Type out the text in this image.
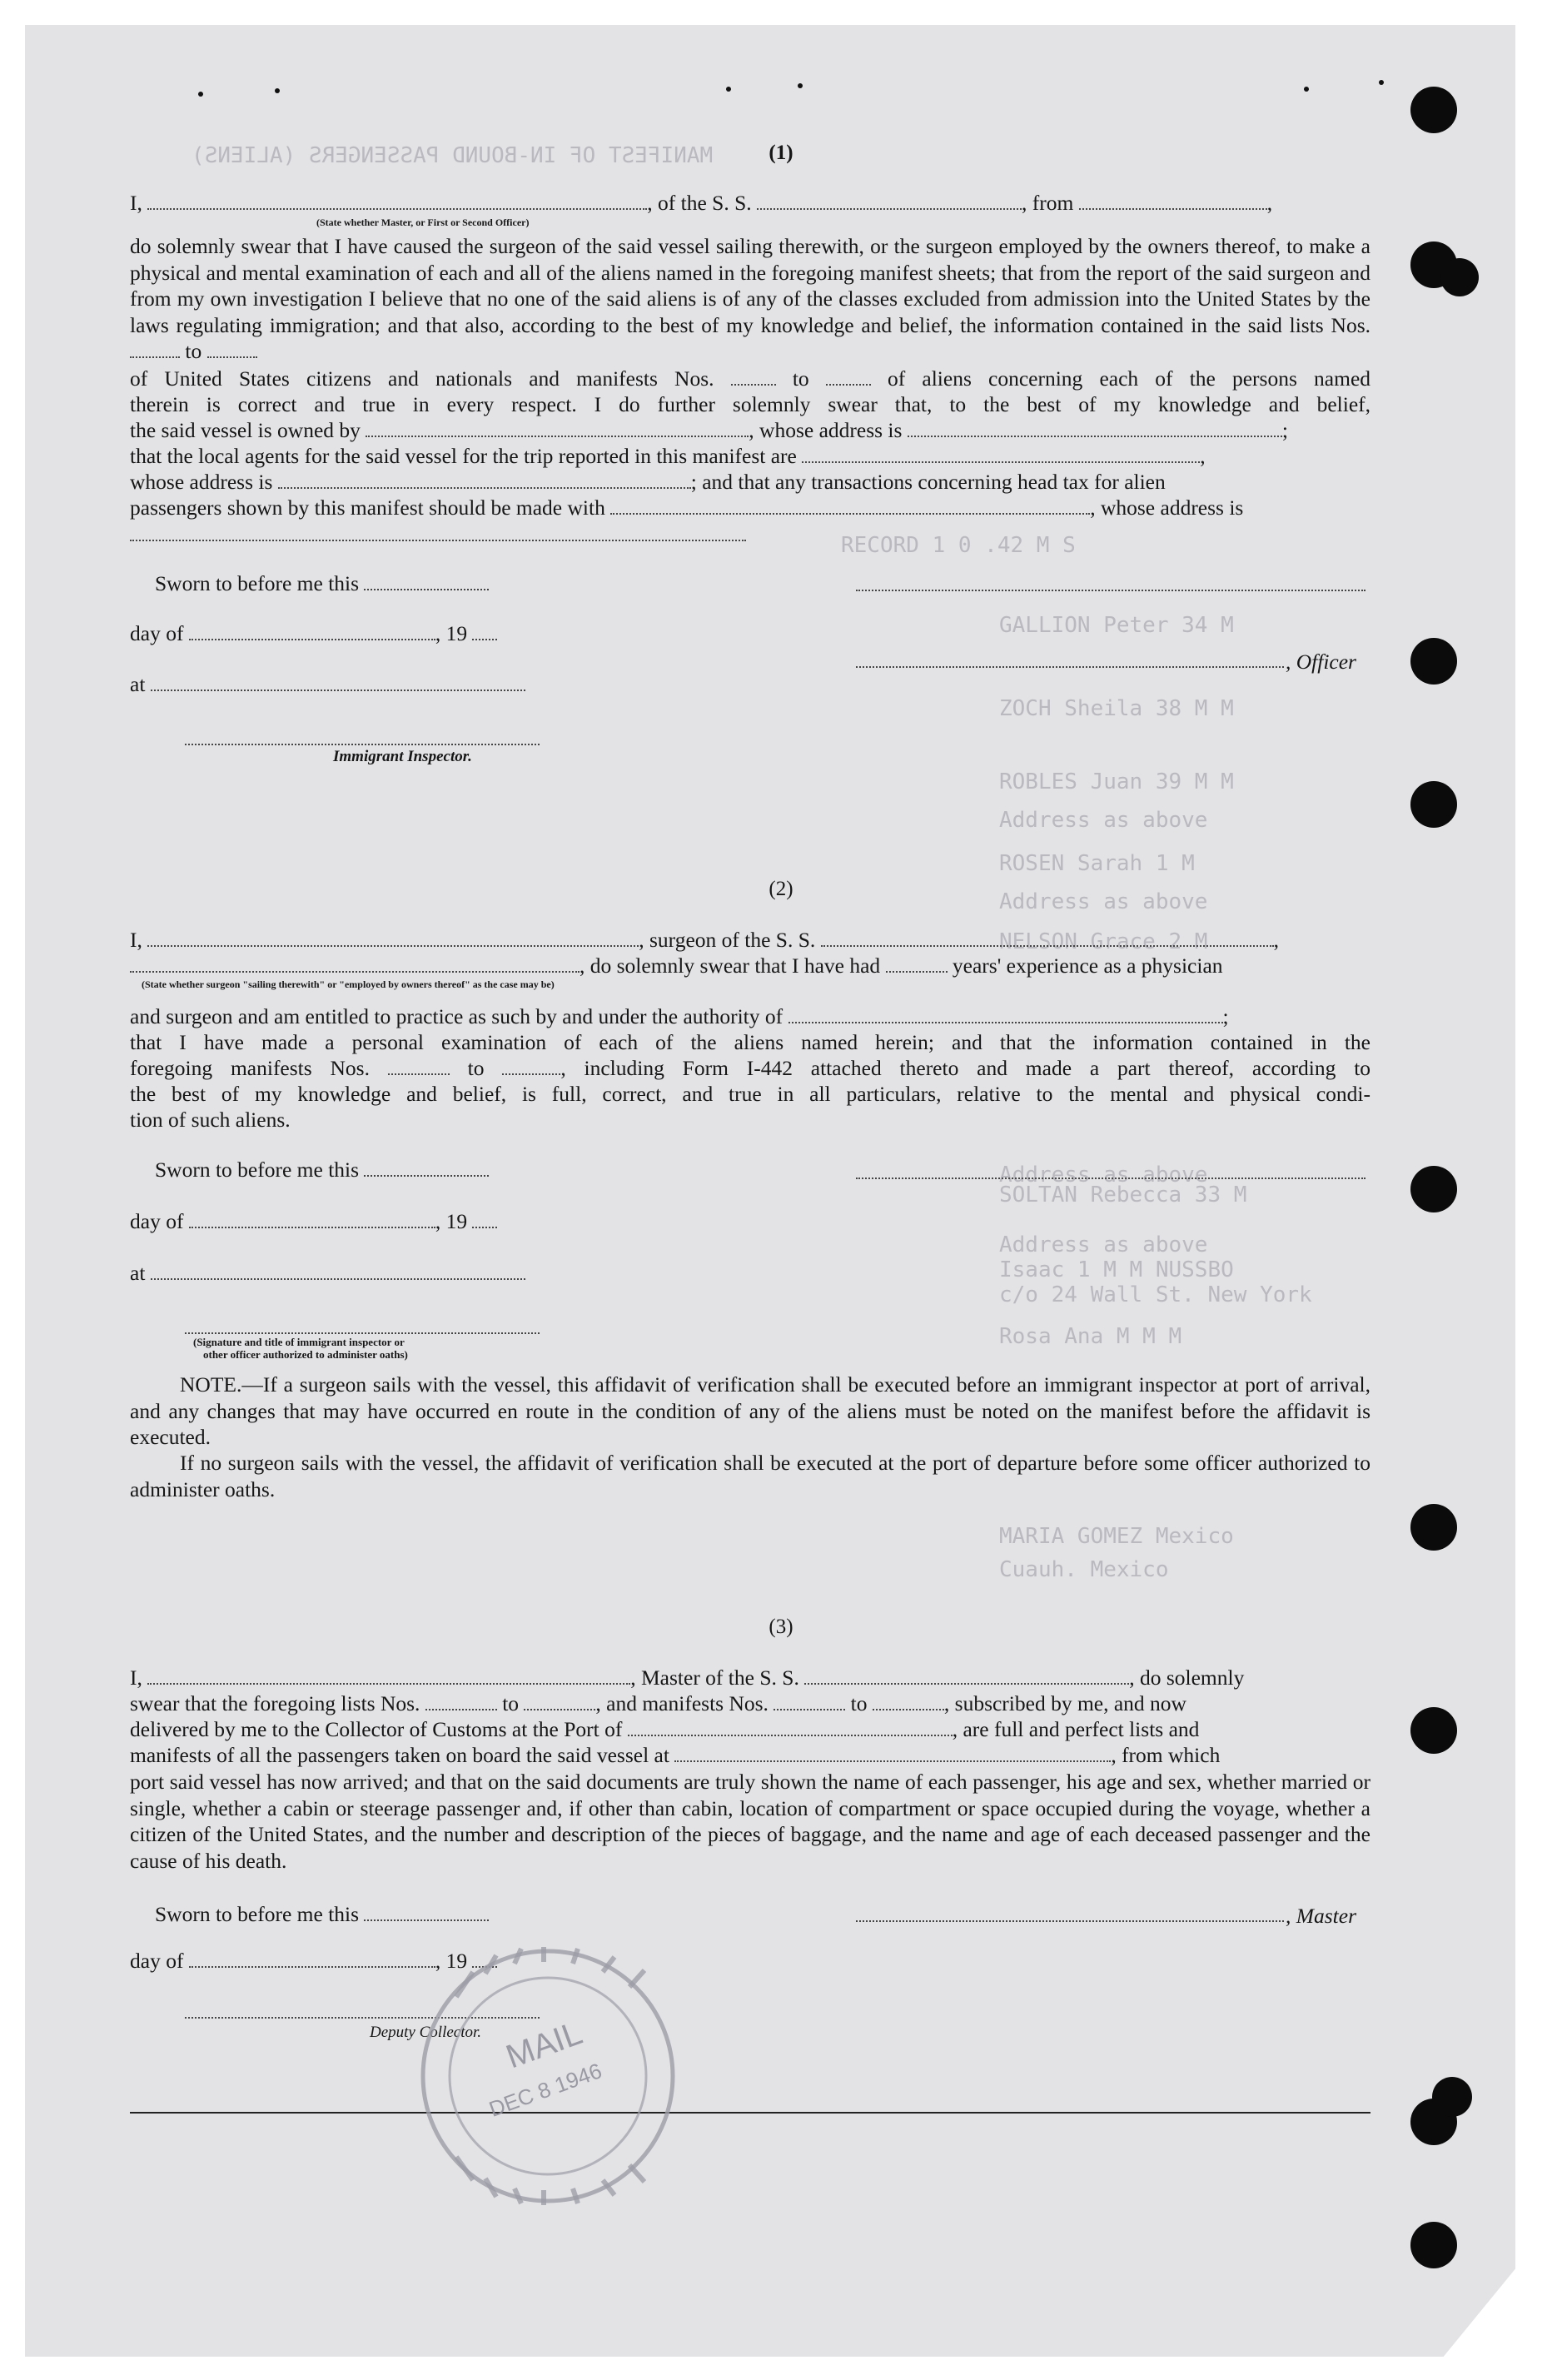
MANIFEST OF IN-BOUND PASSENGERS (ALIENS)
RECORD 1 0 .42 M S
GALLION Peter 34 M
ZOCH Sheila 38 M M
ROBLES Juan 39 M M
Address as above
ROSEN Sarah 1 M
Address as above
NELSON Grace 2 M
Address as above
SOLTAN Rebecca 33 M
Address as above
Isaac 1 M M NUSSBO
c/o 24 Wall St. New York
Rosa Ana M M M
MARIA GOMEZ Mexico
Cuauh. Mexico
(1)
I,	, of the S. S.	, from	,
(State whether Master, or First or Second Officer)
do solemnly swear that I have caused the surgeon of the said vessel sailing therewith, or the surgeon employed by the owners thereof, to make a physical and mental examination of each and all of the aliens named in the foregoing manifest sheets; that from the report of the said surgeon and from my own investigation I believe that no one of the said aliens is of any of the classes excluded from admission into the United States by the laws regulating immigration; and that also, according to the best of my knowledge and belief, the information contained in the said lists Nos.  to
of United States citizens and nationals and manifests Nos.	to	of aliens concerning each of the persons named
therein is correct and true in every respect. I do further solemnly swear that, to the best of my knowledge and belief,
the said vessel is owned by	, whose address is	;
that the local agents for the said vessel for the trip reported in this manifest are	,
whose address is	; and that any transactions concerning head tax for alien
passengers shown by this manifest should be made with	, whose address is
Sworn to before me this
day of	, 19
, Officer
at
Immigrant Inspector.
(2)
I,	, surgeon of the S. S.	,
, do solemnly swear that I have had	years' experience as a physician
(State whether surgeon "sailing therewith" or "employed by owners thereof" as the case may be)
and surgeon and am entitled to practice as such by and under the authority of	;
that I have made a personal examination of each of the aliens named herein; and that the information contained in the
foregoing manifests Nos.	to	, including Form I-442 attached thereto and made a part thereof, according to
the best of my knowledge and belief, is full, correct, and true in all particulars, relative to the mental and physical condi-
tion of such aliens.
Sworn to before me this
day of	, 19
at
(Signature and title of immigrant inspector or
other officer authorized to administer oaths)
NOTE.—If a surgeon sails with the vessel, this affidavit of verification shall be executed before an immigrant inspector at port of arrival, and any changes that may have occurred en route in the condition of any of the aliens must be noted on the manifest before the affidavit is executed.
If no surgeon sails with the vessel, the affidavit of verification shall be executed at the port of departure before some officer authorized to administer oaths.
(3)
I,	, Master of the S. S.	, do solemnly
swear that the foregoing lists Nos.	to	, and manifests Nos.	to	, subscribed by me, and now
delivered by me to the Collector of Customs at the Port of	, are full and perfect lists and
manifests of all the passengers taken on board the said vessel at	, from which
port said vessel has now arrived; and that on the said documents are truly shown the name of each passenger, his age and sex, whether married or single, whether a cabin or steerage passenger and, if other than cabin, location of compartment or space occupied during the voyage, whether a citizen of the United States, and the number and description of the pieces of baggage, and the name and age of each deceased passenger and the cause of his death.
Sworn to before me this	, Master
day of	, 19
Deputy Collector. MAIL
DEC 8 1946
